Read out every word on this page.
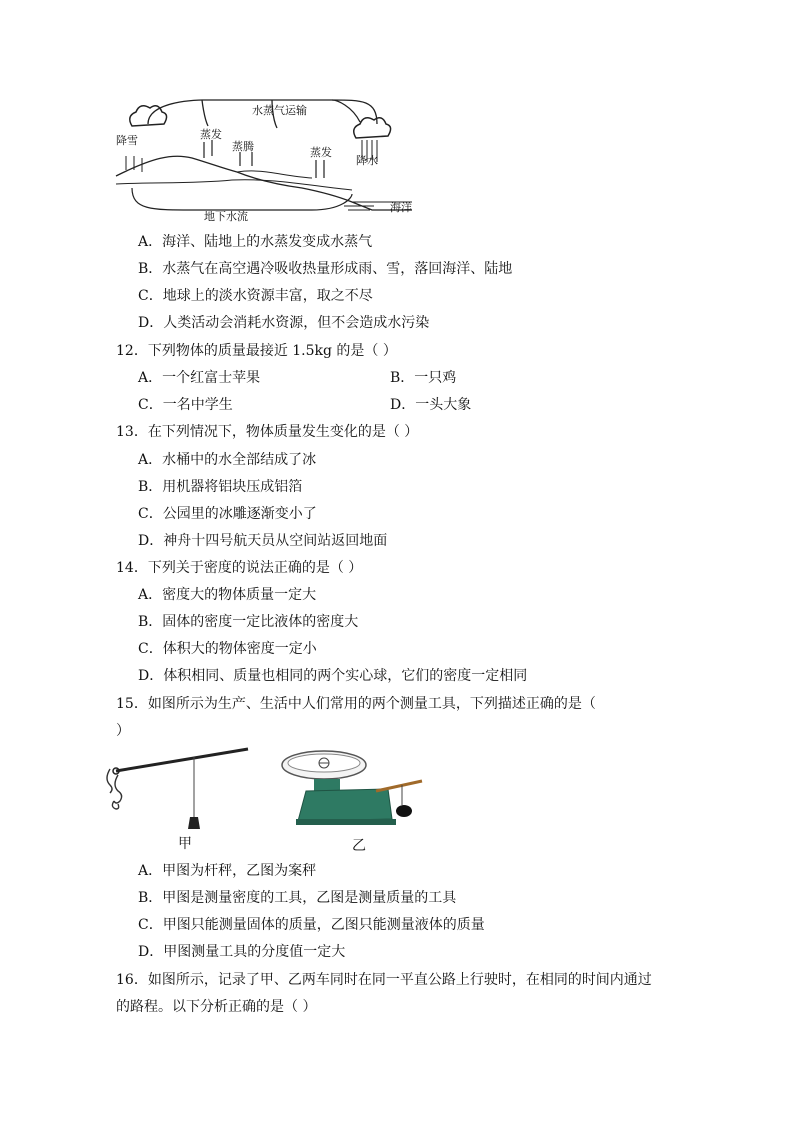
水蒸气运输
降雪	蒸发
蒸腾	蒸发
降水
地下水流
海洋
A．海洋、陆地上的水蒸发变成水蒸气
B．水蒸气在高空遇冷吸收热量形成雨、雪，落回海洋、陆地
C．地球上的淡水资源丰富，取之不尽
D．人类活动会消耗水资源，但不会造成水污染
12．下列物体的质量最接近 1.5kg 的是（ ）
A．一个红富士苹果	B．一只鸡
C．一名中学生	D．一头大象
13．在下列情况下，物体质量发生变化的是（ ）
A．水桶中的水全部结成了冰
B．用机器将铝块压成铝箔
C．公园里的冰雕逐渐变小了
D．神舟十四号航天员从空间站返回地面
14．下列关于密度的说法正确的是（ ）
A．密度大的物体质量一定大
B．固体的密度一定比液体的密度大
C．体积大的物体密度一定小
D．体积相同、质量也相同的两个实心球，它们的密度一定相同
15．如图所示为生产、生活中人们常用的两个测量工具，下列描述正确的是（
）
甲	乙
A．甲图为杆秤，乙图为案秤
B．甲图是测量密度的工具，乙图是测量质量的工具
C．甲图只能测量固体的质量，乙图只能测量液体的质量
D．甲图测量工具的分度值一定大
16．如图所示，记录了甲、乙两车同时在同一平直公路上行驶时，在相同的时间内通过
的路程。以下分析正确的是（ ）
